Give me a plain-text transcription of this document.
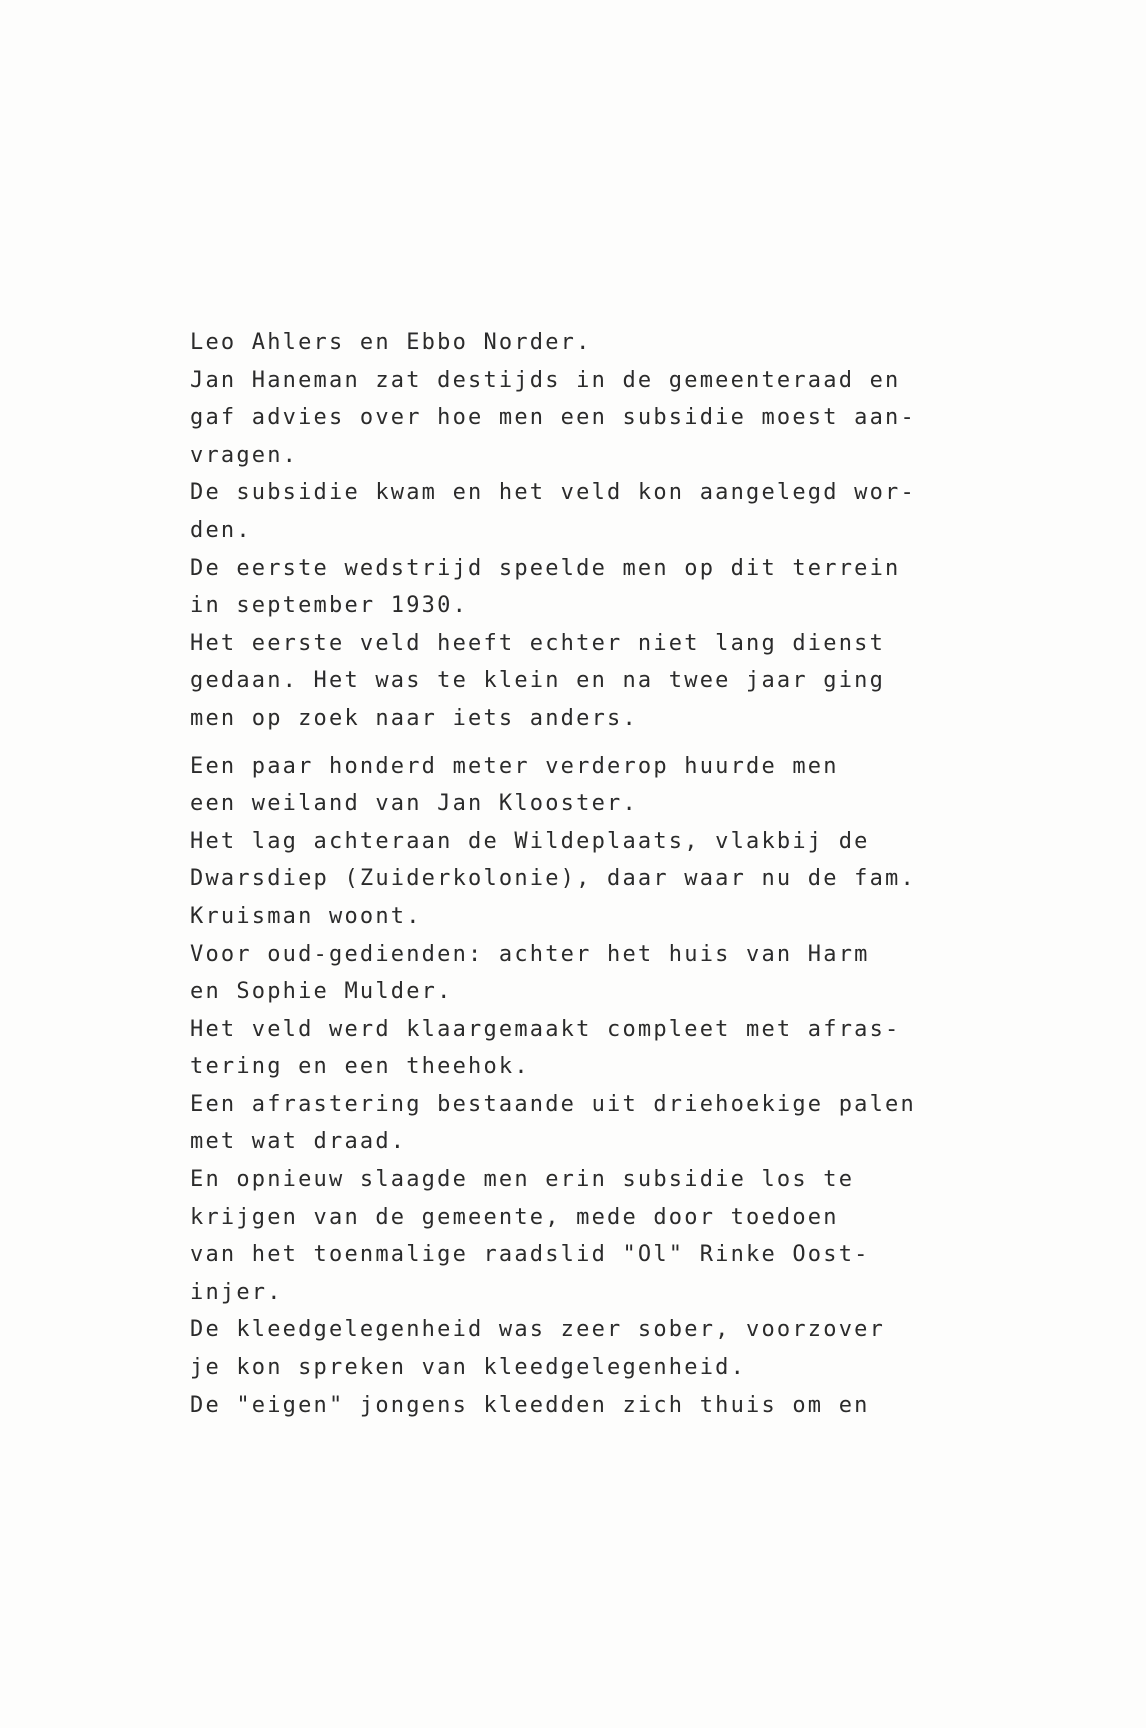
Leo Ahlers en Ebbo Norder.
Jan Haneman zat destijds in de gemeenteraad en
gaf advies over hoe men een subsidie moest aan-
vragen.
De subsidie kwam en het veld kon aangelegd wor-
den.
De eerste wedstrijd speelde men op dit terrein
in september 1930.
Het eerste veld heeft echter niet lang dienst
gedaan. Het was te klein en na twee jaar ging
men op zoek naar iets anders.
Een paar honderd meter verderop huurde men
een weiland van Jan Klooster.
Het lag achteraan de Wildeplaats, vlakbij de
Dwarsdiep (Zuiderkolonie), daar waar nu de fam.
Kruisman woont.
Voor oud-gedienden: achter het huis van Harm
en Sophie Mulder.
Het veld werd klaargemaakt compleet met afras-
tering en een theehok.
Een afrastering bestaande uit driehoekige palen
met wat draad.
En opnieuw slaagde men erin subsidie los te
krijgen van de gemeente, mede door toedoen
van het toenmalige raadslid "Ol" Rinke Oost-
injer.
De kleedgelegenheid was zeer sober, voorzover
je kon spreken van kleedgelegenheid.
De "eigen" jongens kleedden zich thuis om en
